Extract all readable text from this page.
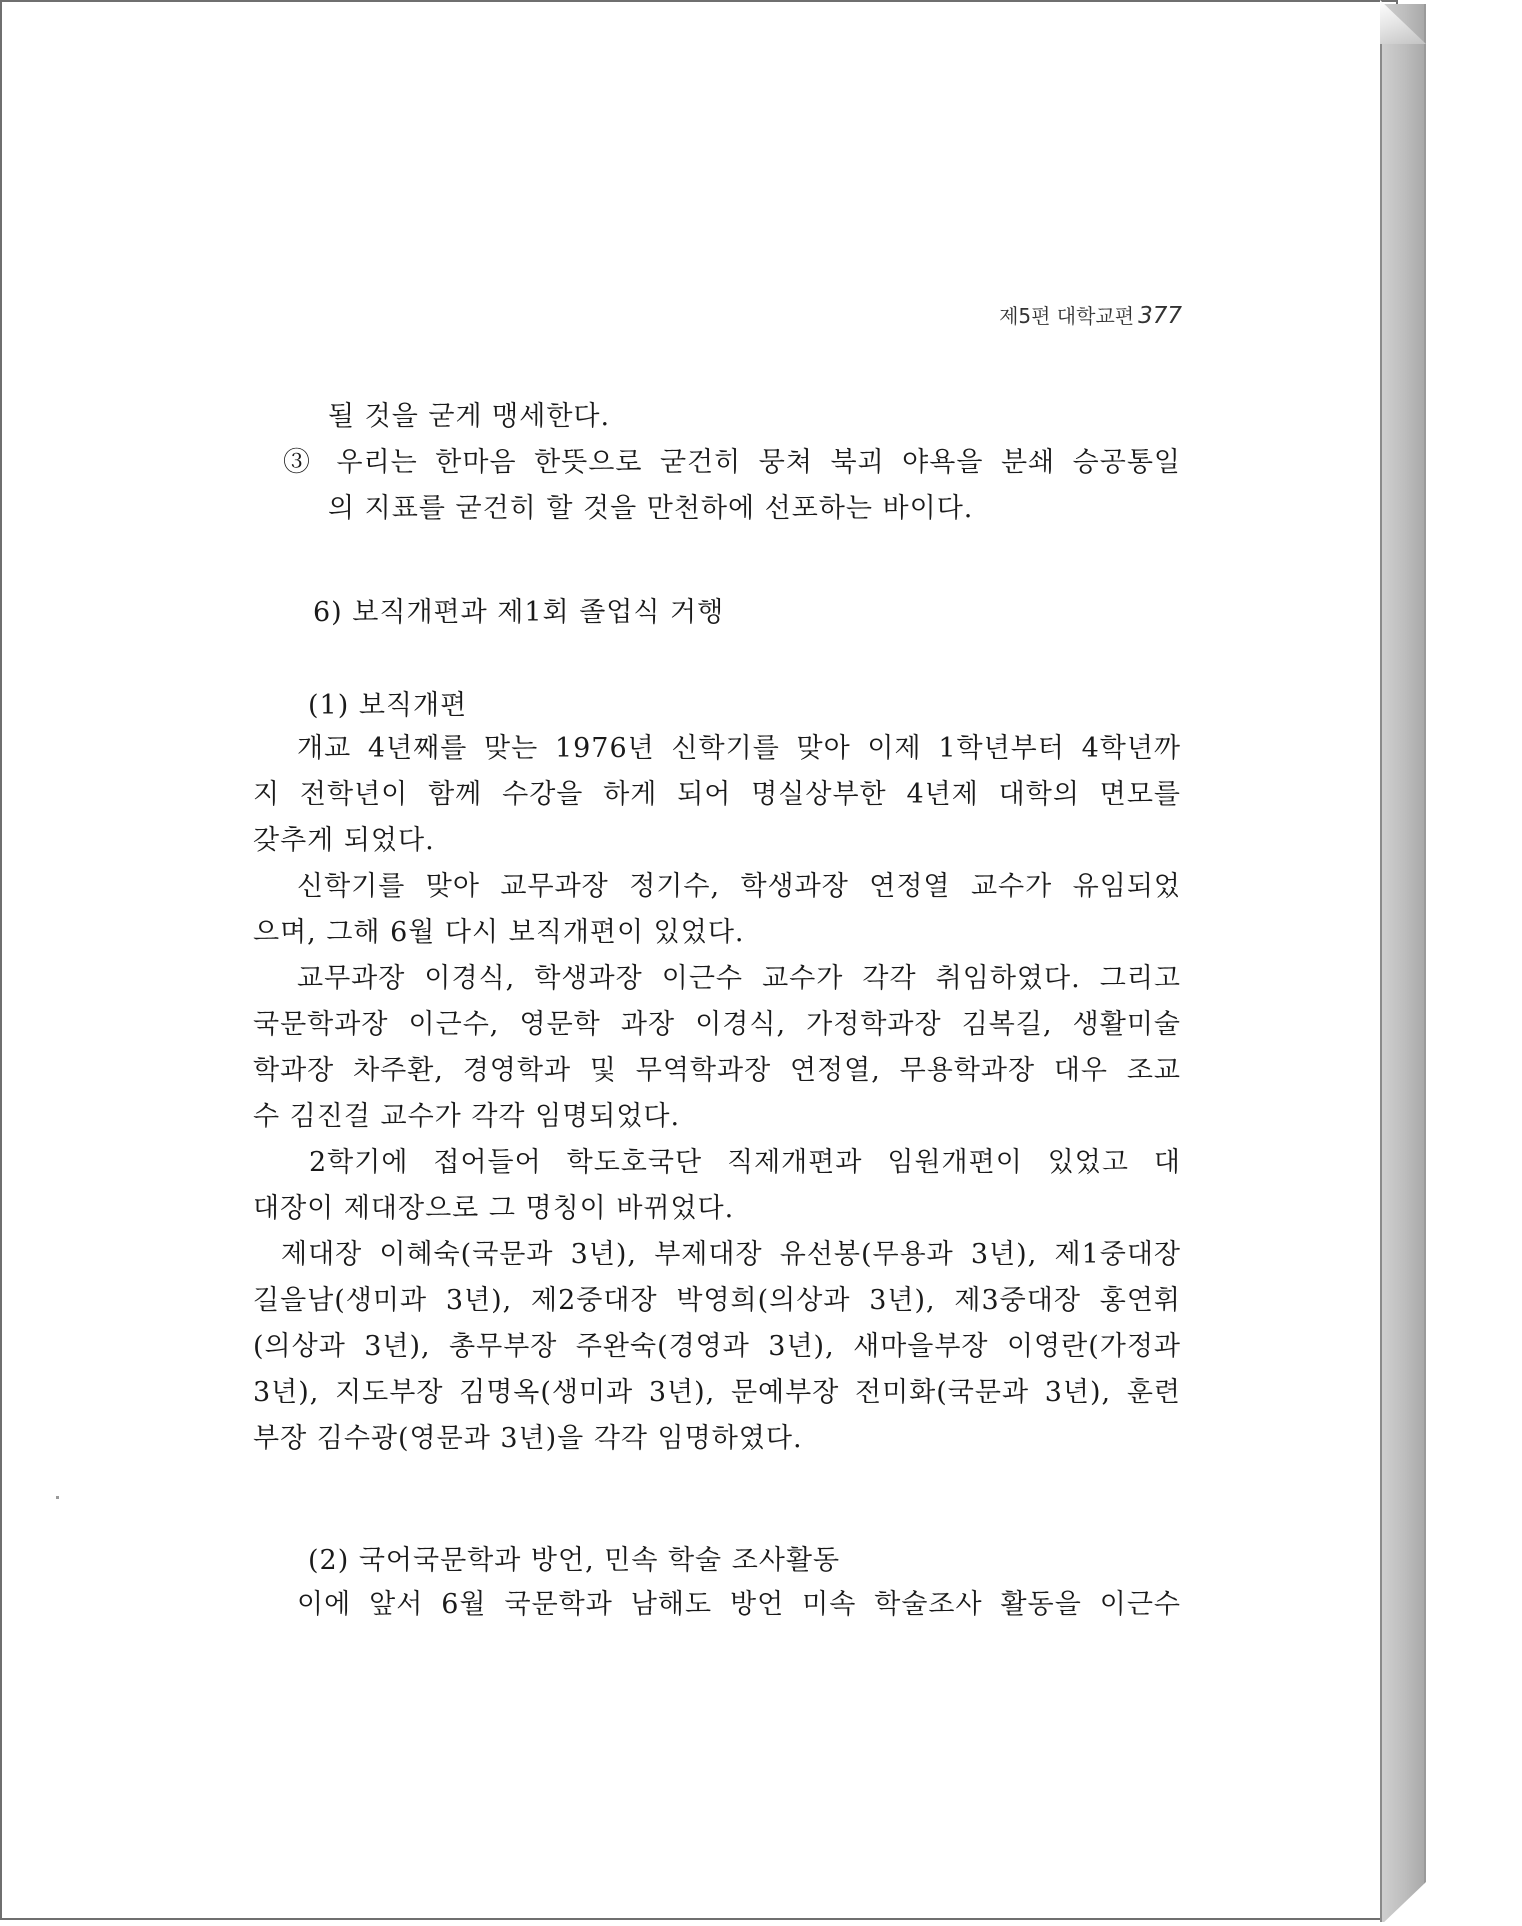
제5편 대학교편 377
될 것을 굳게 맹세한다.
③ 우리는 한마음 한뜻으로 굳건히 뭉쳐 북괴 야욕을 분쇄 승공통일
의 지표를 굳건히 할 것을 만천하에 선포하는 바이다.
6) 보직개편과 제1회 졸업식 거행
(1) 보직개편
개교 4년째를 맞는 1976년 신학기를 맞아 이제 1학년부터 4학년까
지 전학년이 함께 수강을 하게 되어 명실상부한 4년제 대학의 면모를
갖추게 되었다.
신학기를 맞아 교무과장 정기수, 학생과장 연정열 교수가 유임되었
으며, 그해 6월 다시 보직개편이 있었다.
교무과장 이경식, 학생과장 이근수 교수가 각각 취임하였다. 그리고
국문학과장 이근수, 영문학 과장 이경식, 가정학과장 김복길, 생활미술
학과장 차주환, 경영학과 및 무역학과장 연정열, 무용학과장 대우 조교
수 김진걸 교수가 각각 임명되었다.
2학기에 접어들어 학도호국단 직제개편과 임원개편이 있었고 대
대장이 제대장으로 그 명칭이 바뀌었다.
제대장 이혜숙(국문과 3년), 부제대장 유선봉(무용과 3년), 제1중대장
길을남(생미과 3년), 제2중대장 박영희(의상과 3년), 제3중대장 홍연휘
(의상과 3년), 총무부장 주완숙(경영과 3년), 새마을부장 이영란(가정과
3년), 지도부장 김명옥(생미과 3년), 문예부장 전미화(국문과 3년), 훈련
부장 김수광(영문과 3년)을 각각 임명하였다.
(2) 국어국문학과 방언, 민속 학술 조사활동
이에 앞서 6월 국문학과 남해도 방언 미속 학술조사 활동을 이근수
